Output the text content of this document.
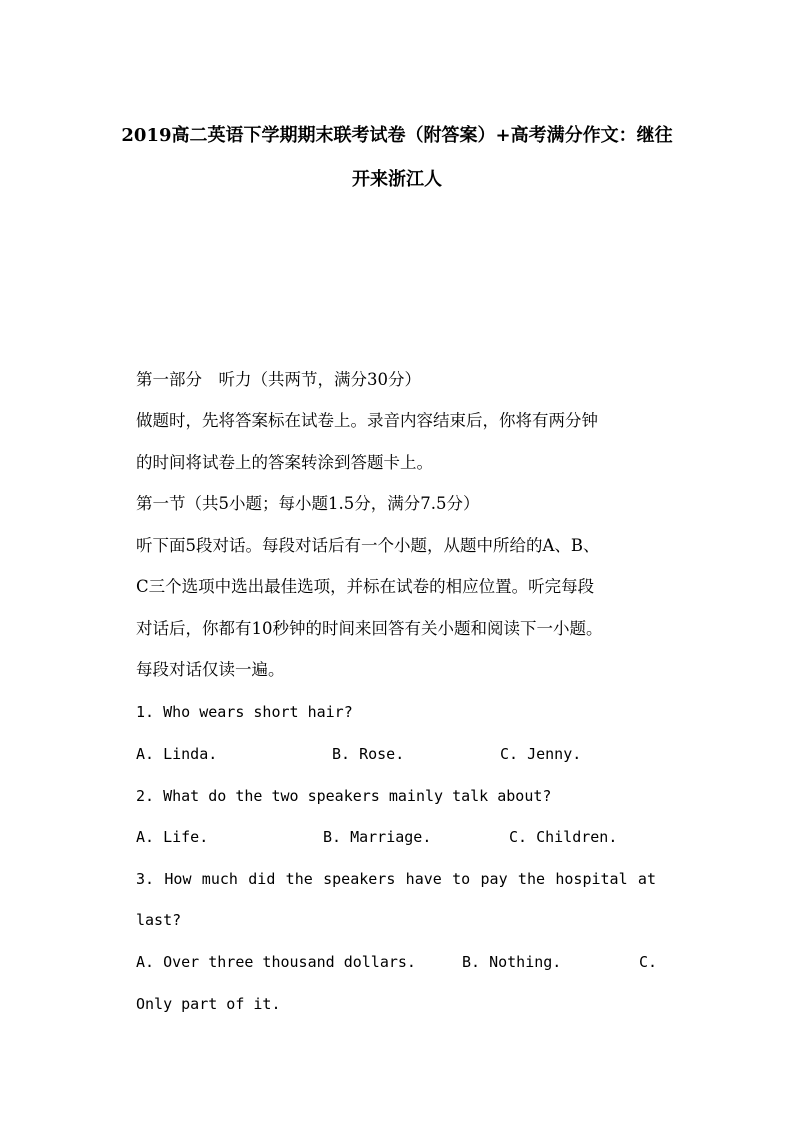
2019高二英语下学期期末联考试卷（附答案）+高考满分作文：继往
开来浙江人
第一部分　听力（共两节，满分30分）
做题时，先将答案标在试卷上。录音内容结束后，你将有两分钟
的时间将试卷上的答案转涂到答题卡上。
第一节（共5小题；每小题1.5分，满分7.5分）
听下面5段对话。每段对话后有一个小题，从题中所给的A、B、
C三个选项中选出最佳选项，并标在试卷的相应位置。听完每段
对话后，你都有10秒钟的时间来回答有关小题和阅读下一小题。
每段对话仅读一遍。
1. Who wears short hair?
A. Linda.	B. Rose.	C. Jenny.
2. What do the two speakers mainly talk about?
A. Life.	B. Marriage.	C. Children.
3. How much did the speakers have to pay the hospital at
last?
A. Over three thousand dollars.	B. Nothing.	C.
Only part of it.
